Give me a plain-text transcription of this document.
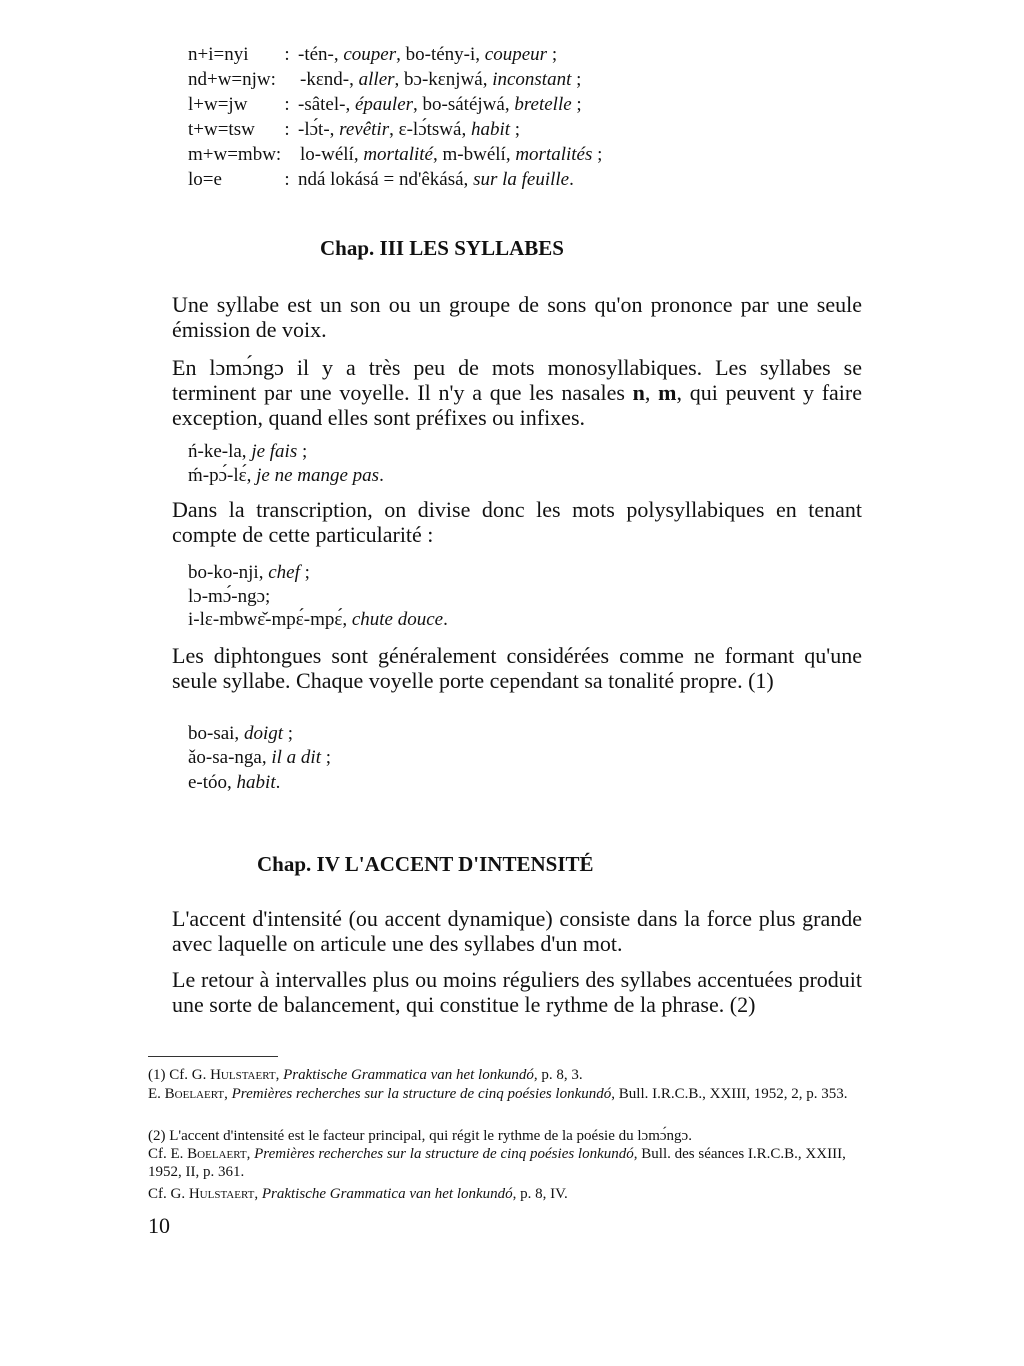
n+i=nyi : -tén-, couper, bo-tény-i, coupeur ;
nd+w=njw: -kɛnd-, aller, bɔ-kɛnjwá, inconstant ;
l+w=jw : -sâtel-, épauler, bo-sátéjwá, bretelle ;
t+w=tsw : -lɔ́t-, revêtir, ɛ-lɔ́tswá, habit ;
m+w=mbw: lo-wélí, mortalité, m-bwélí, mortalités ;
lo=e	: ndá lokásá = nd'êkásá, sur la feuille.
Chap. III LES SYLLABES

Une syllabe est un son ou un groupe de sons qu'on prononce par une seule émission de voix.

En lɔmɔ́ngɔ il y a très peu de mots monosyllabiques. Les syllabes se terminent par une voyelle. Il n'y a que les nasales n, m, qui peuvent y faire exception, quand elles sont préfixes ou infixes.

ń-ke-la, je fais ;
ḿ-pɔ́-lɛ́, je ne mange pas.

Dans la transcription, on divise donc les mots polysyllabiques en tenant compte de cette particularité :

bo-ko-nji, chef ;
lɔ-mɔ́-ngɔ;
i-lɛ-mbwɛ̌-mpɛ́-mpɛ́, chute douce.

Les diphtongues sont généralement considérées comme ne formant qu'une seule syllabe. Chaque voyelle porte cependant sa tonalité propre. (1)

bo-sai, doigt ;
ǎo-sa-nga, il a dit ;
e-tóo, habit.
Chap. IV L'ACCENT D'INTENSITÉ

L'accent d'intensité (ou accent dynamique) consiste dans la force plus grande avec laquelle on articule une des syllabes d'un mot.

Le retour à intervalles plus ou moins réguliers des syllabes accentuées produit une sorte de balancement, qui constitue le rythme de la phrase. (2)

(1) Cf. G. Hulstaert, Praktische Grammatica van het lonkundó, p. 8, 3.

E. Boelaert, Premières recherches sur la structure de cinq poésies lonkundó, Bull. I.R.C.B., XXIII, 1952, 2, p. 353.

(2) L'accent d'intensité est le facteur principal, qui régit le rythme de la poésie du lɔmɔ́ngɔ.

Cf. E. Boelaert, Premières recherches sur la structure de cinq poésies lonkundó, Bull. des séances I.R.C.B., XXIII, 1952, II, p. 361.

Cf. G. Hulstaert, Praktische Grammatica van het lonkundó, p. 8, IV.

10
